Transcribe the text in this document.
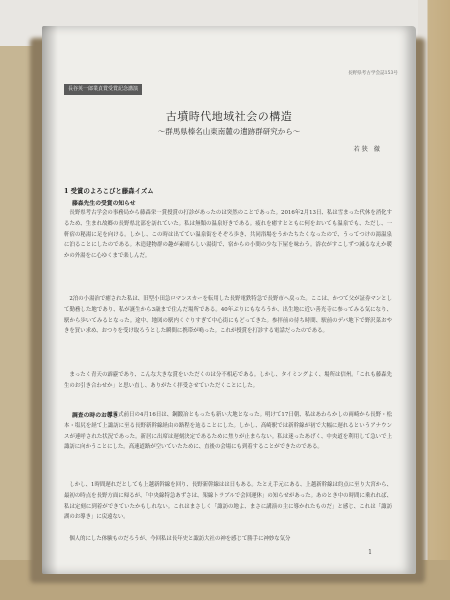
長野県考古学会誌153号
長谷英一郎業貞賞受賞記念講演
古墳時代地域社会の構造
〜群馬県榛名山東南麓の遺跡群研究から〜
若狭 徹
1 受賞のよろこびと藤森イズム
藤森先生の受賞の知らせ

長野県考古学会の事務局から藤森栄一賞授賞の打診があったのは突然のことであった。2016年2月13日、私は雪まった代休を消化するため、生まれ故郷の長野県北部を訪れていた。私は無類の温泉好きである。疲れを癒すとともに何をおいても温泉でも、ただし、一軒宿の秘湯に足を向ける。しかし、この時は出ててい温泉街をそぞろ歩き、共同浴場をうかたちたくなったので、うってつけの湯温泉に泊ることにしたのである。木造建物群の趣が素晴らしい湯街で、宿からの小間の少な下屋を味わう。浴衣がすこしずつ減るなえか暖かの外湯をに心ゆくまで楽しんだ。

2泊の小湯治で癒された私は、旧型小田急ロマンスカーを転用した長野電鉄特急で長野市へ戻った。ここは、かつて父が証券マンとして勤務した地であり、私が誕生から3歳まで住んだ場所である。40年ぶりにもなろうか、出生地に近い善光寺に参ってみる気になり、駅から歩いてみるとなった。途中、地図の駅内くぐりすぎて中心街にもどってきた。参拝前の待ち時間、駅前のデパ地下で野沢菜おやきを買い求め、おつりを受け取ろうとした瞬間に携帯が鳴った。これが授賞を打診する電話だったのである。

まったく青天の霹靂であり、こんな大きな賞をいただくのは分不相応である。しかし、タイミングよく、場所は信州。「これも藤森先生のお引き合わせか」と思い直し、ありがたく拝受させていただくことにした。

調査の時のお導き

授賞式前日の4月16日は、鋼鍛冶ともったも新い大地となった。明けて17日朝、私はあわらかしの両崎から長野・松本・塩尻を経て上諏訪に至る長野新幹線経由の路程を辿ることにした。しかし、高崎駅では新幹線が初で大幅に遅れるというアナウンスが連呼された状況であった。新居に出席は遅刻決定であるために焦りが止まらない。私は迷ったあげく、中央道を利用して急いで上諏訪に向かうことにした。高速道路が空いていたために、直後の会場にも到着することができたのである。

しかし、1時間遅れだとしても上越新幹線を回り、長野新幹線はは日もある。たとえ手元にある、上越新幹線は約点に至り大宮から、最初の時点を長野方面に帰るが、「中央線特急あずさは、架線トラブルで会回運休」の知らせがあった。あのとき中の時間に乗れれば、私は定刻に到着ができていたかもしれない。これはまさしく「諏訪の地よ、まさに講演の主に導かれたものだ」と感じ、これは「諏訪湖のお導き」に戻遠ない。

個人的にした体験ものだろうが、今回私は長年史と諏訪大社の神を感じて勝手に神妙な気分

1
